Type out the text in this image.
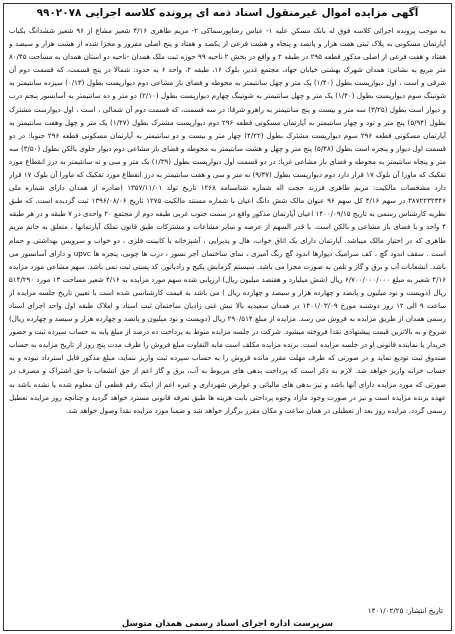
آگهی مزایده اموال غیرمنقول اسناد ذمه ای پرونده کلاسه اجرایی ۹۹۰۲۰۷۸
به موجب پرونده اجرائی کلاسه فوق له بانک مسکن علیه ۱- عباس رضاپورسماکی ۲- مریم طاهری ۴/۱۶ شعیر مشاع از ۹۶ شعیر ششدانگ یکباب آپارتمان مسکونی به پلاک ثبتی هفت هزار و پانصد و پنجاه و هشت فرعی از یکصد و هفتاد و پنج اصلی مفروز و مجزا شده از هشت هزار و سیصد و هفتاد و هفت فرعی از اصلی مذکور قطعه ۲۹۵ در طبقه ۲ و واقع در بخش ۲ ناحیه ۹۹ حوزه ثبت ملک همدان -ناحیه دو استان همدان به مساحت ۸۰/۴۵ متر مربع به نشانی: همدان شهرک بهشتی خیابان جهاد، مجتمع غدیر، بلوک ۱۶، طبقه ۲، واحد ۶ به حدود: شمالا در پنج قسمت، که قسمت دوم آن شرقی و است ، اول دیوارپست بطول (۱/۴۰) یک متر و چهل سانتیمتر به محوطه و فضای باز مشاعی دوم دیوارپست بطول (۰/۱۳) سیزده سانتیمتر به شوتینگ سوم دیوارپست بطول (۱/۴۰) یک متر و چهل سانتیمتر به شوتینگ چهارم دیوارپست بطول (۲/۱۰) دو متر و ده سانتیمتر به آسانسور پنجم درب و دیوار است بطول (۳/۲۵) سه متر و بیست و پنج سانتیمتر به راهرو شرقا: در سه قسمت، که قسمت دوم آن شمالی ، است ، اول دیوارست مشترک بطول (۵/۹۴) پنج متر و نود و چهار سانتیمتر به آپارتمان مسکونی قطعه ۲۹۶ دوم دیوارپست مشترک بطول (۱/۴۷) یک متر و چهل وهفت سانتیمتر به آپارتمان مسکونی قطعه ۲۹۶ سوم دیوارپست مشترک بطول (۴/۲۲) چهار متر و بیست و دو سانتیمتر به آپارتمان مسکونی قطعه ۲۹۶ جنوبا: در دو قسمت اول دیوار و پنجره است بطول (۵/۴۸) پنج متر و چهل و هشت سانتیمتر به محوطه و فضای باز مشاعی دوم دیوار جلوی بالکن بطول (۳/۵۰) سه متر و پنجاه سانتیمتر به محوطه و فضای باز مشاعی غربا: در دو قسمت اول دیوارپست بطول (۱/۳۹) یک متر و سی و نه سانتیمتر به درز انقطاع مورد تفکیک که ماورا آن بلوک ۱۷ قرار دارد دوم دیوارپست بطول (۹/۳۷) نه متر و سی و هفت سانتیمتر به درز انقطاع مورد تفکیک که ماورا آن بلوک ۱۷ قرار دارد مشخصات مالکیت: مریم طاهری فرزند حجت اله شماره شناسنامه ۱۲۶۸ تاریخ تولد ۱۳۵۷/۱۱/۰۱ (صادره از همدان دارای شماره ملی ۳۸۷۲۲۳۲۳۴۶ در سهم ۴/۱۶ کل سهم ۹۶ عنوان مالک شش دانگ اعیان با شماره مستند مالکیت ۱۲۷۵ تاریخ ۱۳۹۶/۰۸/۰۶ ثبت گردیده است. که طبق نظریه کارشناس رسمی به تاریخ ۱۴۰۰/۰۹/۱۵ اعیان آپارتمان مذکور واقع در سمت جنوب غربی طبقه دوم از مجتمع ۲۰ واحدی در ۷ طبقه و در هر طبقه ۴ واحد و با فضای باز مشاعی و بالکن است. با قدر السهم از عرصه و سایر مشاعات و مشترکات طبق قانون تملک آپارتمانها ، متعلق به خانم مریم طاهری که در اختیار مالک میباشد. آپارتمان دارای یک اتاق خواب، هال و پذیرایی ، آشپزخانه با کابینت فلزی ، دو خواب و سرویس بهداشتی و حمام است . سقف اندود گچ ، کف سرامیک دیوارها اندود گچ رنگ آمیزی ، نمای ساختمان آجر نسوز ، درب ها چوبی، پنجره ها upvc و دارای آسانسور می باشد. انشعابات آب و برق و گاز و تلفن به صورت مجزا می باشد. سیستم گرمایش پکیج و رادیاتور. کد پستی ثبت نمی باشد. سهم مشاعی مورد مزایده ۴/۱۶ شعیر به مبلغ ۶/۷۰۰/۰۰۰/۰۰۰ ریال (شش میلیارد و هفتصد میلیون ریال) ارزیابی شده سهم مورد مزایده به ۴/۱۶ شعیر مساحت ۱۳ مورد ۵۱۴/۲۹۰ ریال (دویست و نود میلیون و پانصد و چهارده هزار و سیصد و چهارده ریال ) می باشد به قیمت کارشناسی شده است با تعیین تاریخ جلسه مزایده از ساعت ۹ الی ۱۲ روز دوشنبه مورخ ۱۴۰۱/۰۳/۰۹ در همدان سعیدیه بالا نبش غنی زادیان ساختمان ثبت اسناد و املاک طبقه اول واحد اجرای اسناد رسمی همدان از طریق مزایده به فروش می رسد. مزایده از مبلغ ۲۹۰/۵۱۴ ریال (دویست و نود میلیون و پانصد و چهارده هزار و سیصد و چهارده ریال) شروع و به بالاترین قیمت پیشنهادی نقدا فروخته میشود. شرکت در جلسه مزایده منوط به پرداخت ده درصد از مبلغ پایه به حساب سپرده ثبت و حضور خریدار یا نماینده قانونی او در جلسه مزایده است. برنده مزایده مکلف است مابه التفاوت مبلغ فروش را ظرف مدت پنج روز از تاریخ مزایده به حساب صندوق ثبت تودیع نماید و در صورتی که ظرف مهلت مقرر مانده فروش را به حساب سپرده ثبت واریز ننماید، مبلغ مذکور قابل استرداد نبوده و به حساب خزانه واریز خواهد شد. لازم به ذکر است که پرداخت بدهی های مربوط به آب، برق و گاز اعم از حق انشعاب یا حق اشتراک و مصرف در صورتی که مورد مزایده دارای آنها باشد و نیز بدهی های مالیاتی و عوارض شهرداری و غیره اعم از اینکه رقم قطعی آن معلوم شده یا نشده باشد به عهده برنده مزایده است و نیز در صورت وجود مازاد وجوه پرداختی بابت هزینه ها طبق تعرفه قانونی مسترد خواهد گردید و چنانچه روز مزایده تعطیل رسمی گردد، مزایده روز بعد از تعطیلی در همان ساعت و مکان مقرر برگزار خواهد شد و ضمنا مورد مزایده نقدا وصول خواهد شد.
تاریخ انتشار: ۱۴۰۱/۰۲/۲۵
سرپرست اداره اجرای اسناد رسمی همدان متوسل
